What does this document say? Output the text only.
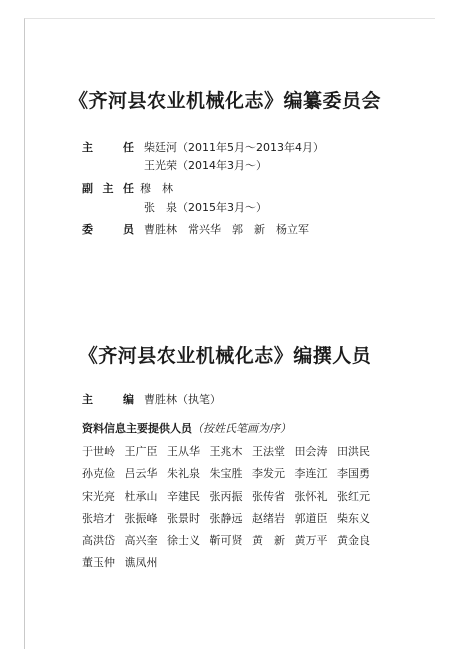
《齐河县农业机械化志》编纂委员会
主	任 柴廷河（2011年5月～2013年4月）
王光荣（2014年3月～）
副 主 任 穆　林
张　泉（2015年3月～）
委	员 曹胜林　常兴华　郭　新　杨立军
《齐河县农业机械化志》编撰人员
主	编 曹胜林（执笔）
资料信息主要提供人员（按姓氏笔画为序）
于世岭 王广臣 王从华 王兆木 王法堂 田会涛 田洪民
孙克俭 吕云华 朱礼泉 朱宝胜 李发元 李连江 李国勇
宋光亮 杜承山 辛建民 张丙振 张传省 张怀礼 张红元
张培才 张振峰 张景时 张静远 赵绪岩 郭道臣 柴东义
高洪岱 高兴奎 徐士义 靳可贤 黄　新 黄万平 黄金良
董玉仲 谯凤州
